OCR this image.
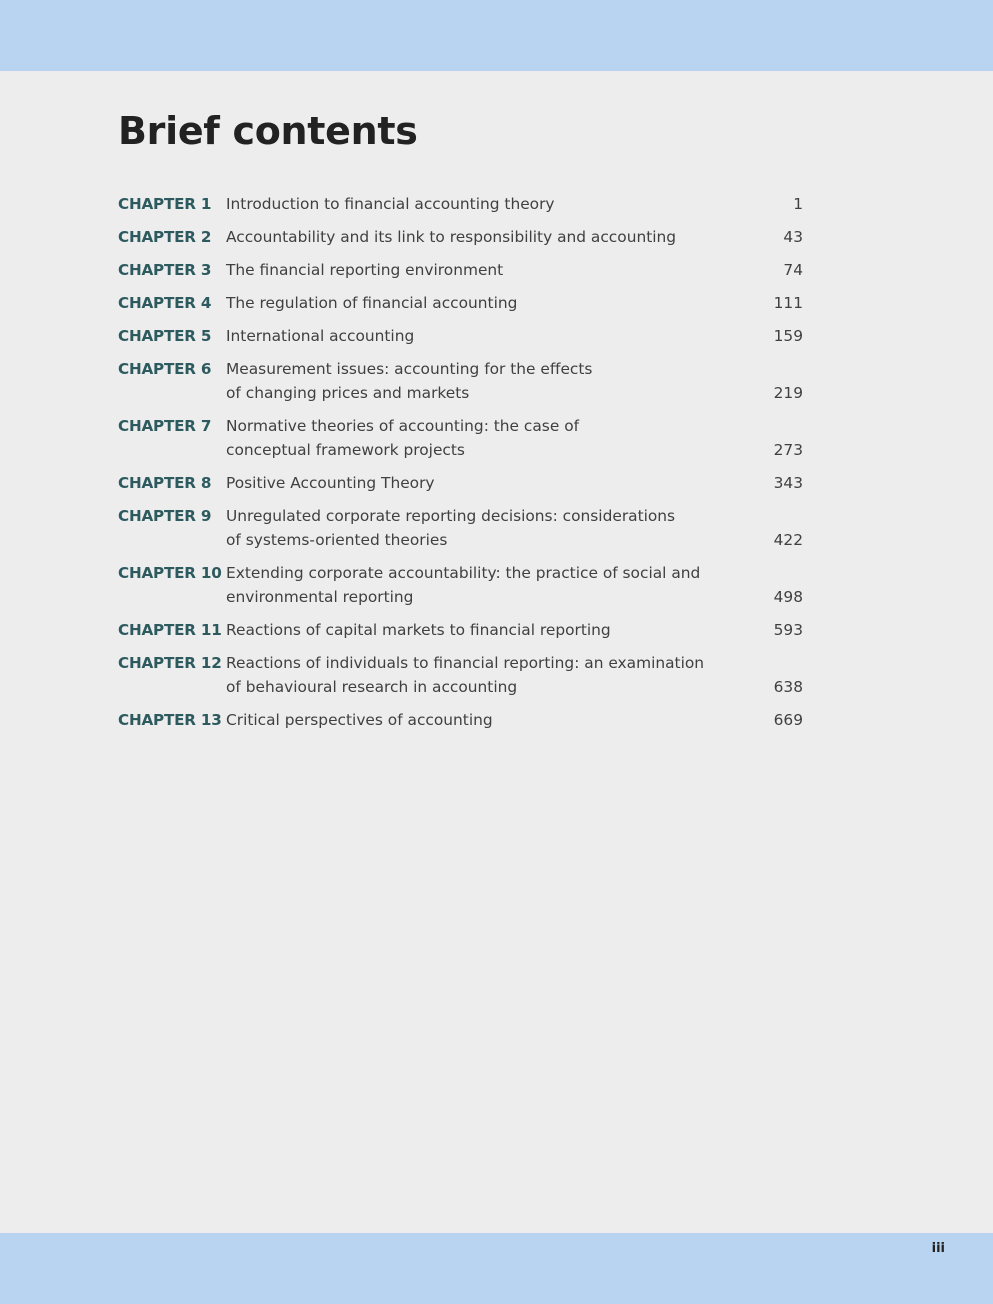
Brief contents
CHAPTER 1 Introduction to financial accounting theory	1
CHAPTER 2 Accountability and its link to responsibility and accounting	43
CHAPTER 3 The financial reporting environment	74
CHAPTER 4 The regulation of financial accounting	111
CHAPTER 5 International accounting	159
CHAPTER 6 Measurement issues: accounting for the effects
of changing prices and markets	219
CHAPTER 7 Normative theories of accounting: the case of
conceptual framework projects	273
CHAPTER 8 Positive Accounting Theory	343
CHAPTER 9 Unregulated corporate reporting decisions: considerations
of systems-oriented theories	422
CHAPTER 10 Extending corporate accountability: the practice of social and
environmental reporting	498
CHAPTER 11 Reactions of capital markets to financial reporting	593
CHAPTER 12 Reactions of individuals to financial reporting: an examination
of behavioural research in accounting	638
CHAPTER 13 Critical perspectives of accounting	669
iii
